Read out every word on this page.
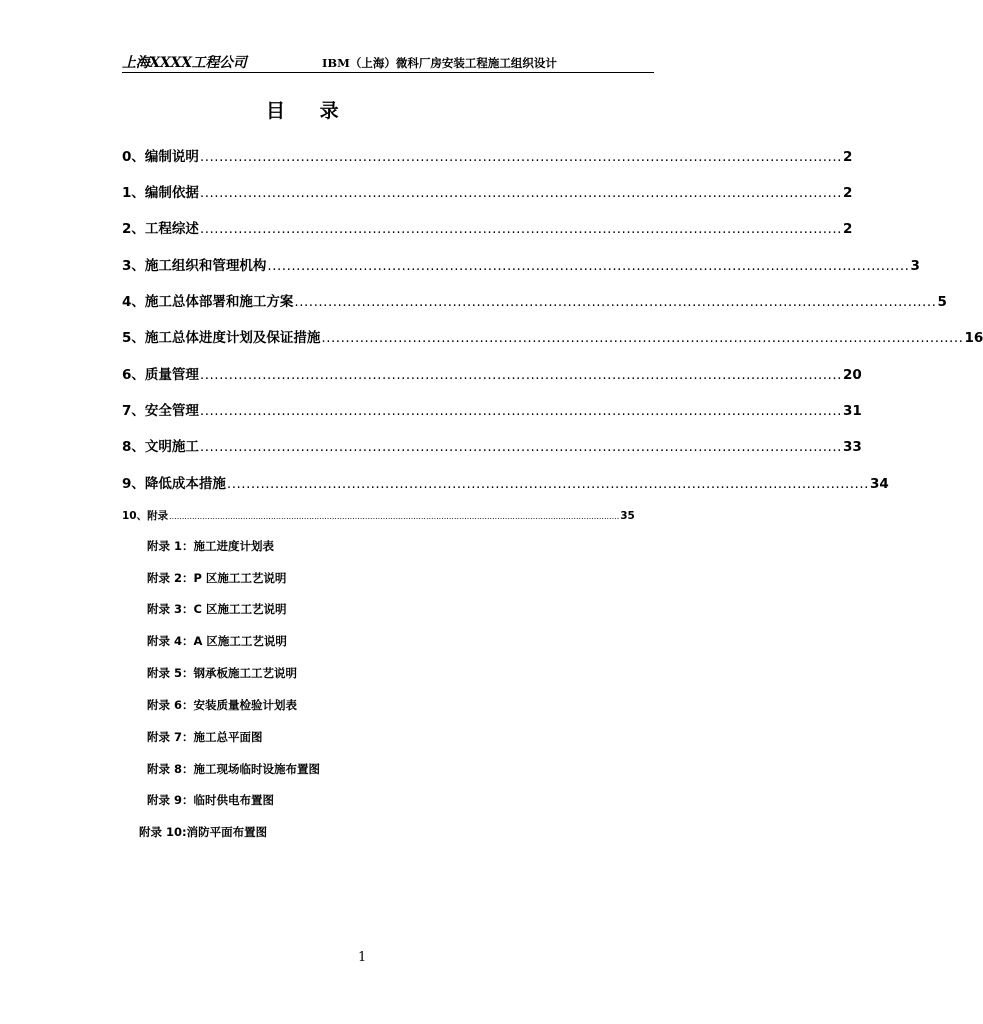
上海XXXX工程公司	IBM（上海）微科厂房安装工程施工组织设计
目 录
0、编制说明 ...................................................................................................................................... 2
1、编制依据 ...................................................................................................................................... 2
2、工程综述 ...................................................................................................................................... 2
3、施工组织和管理机构 ...................................................................................................................................... 3
4、施工总体部署和施工方案 ...................................................................................................................................... 5
5、施工总体进度计划及保证措施 ...................................................................................................................................... 16
6、质量管理 ...................................................................................................................................... 20
7、安全管理 ...................................................................................................................................... 31
8、文明施工 ...................................................................................................................................... 33
9、降低成本措施 ...................................................................................................................................... 34
10、附录 ................................................................................................................................................................................. 35
附录 1：施工进度计划表
附录 2：P 区施工工艺说明
附录 3：C 区施工工艺说明
附录 4：A 区施工工艺说明
附录 5：钢承板施工工艺说明
附录 6：安装质量检验计划表
附录 7：施工总平面图
附录 8：施工现场临时设施布置图
附录 9：临时供电布置图
附录 10:消防平面布置图
1
